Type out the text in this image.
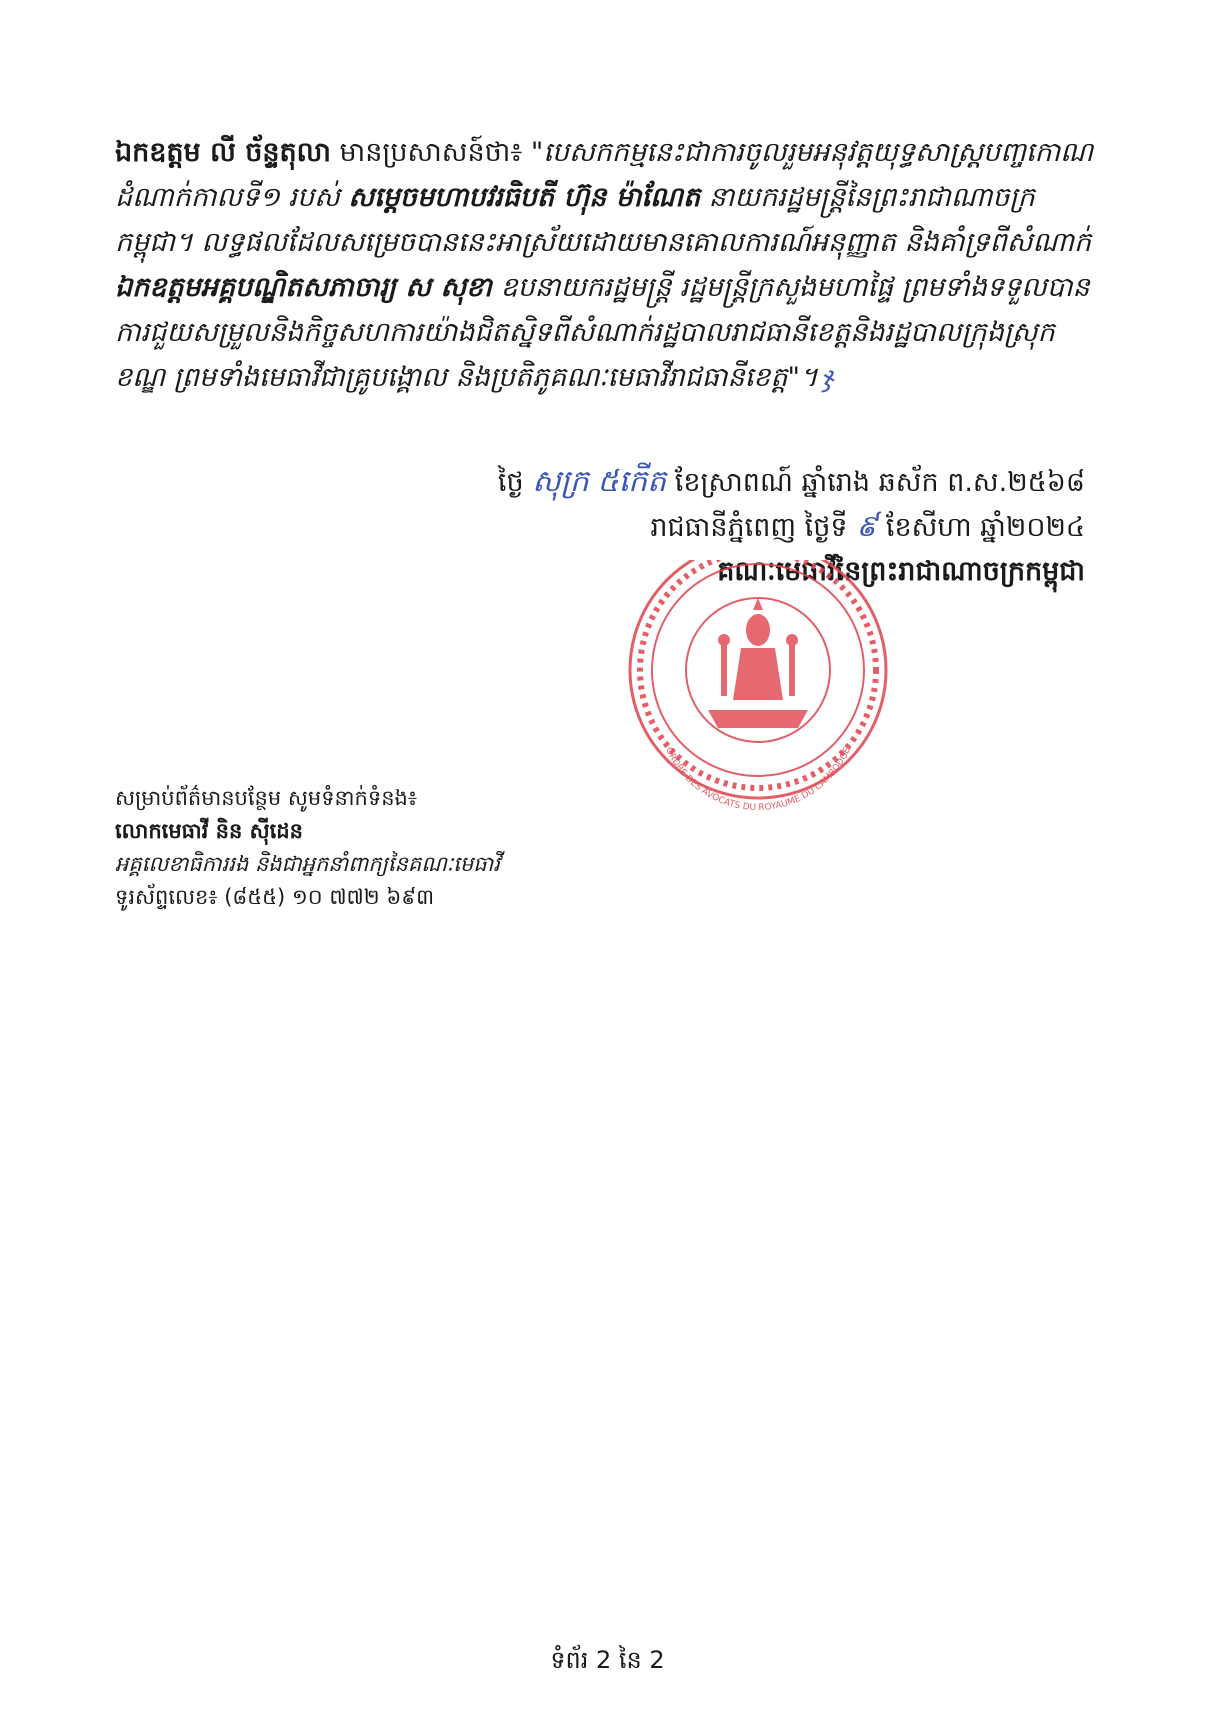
ឯកឧត្តម លី ច័ន្ទតុលា មានប្រសាសន៍ថា៖ "បេសកកម្មនេះជាការចូលរួមអនុវត្តយុទ្ធសាស្ត្របញ្ចកោណ ដំណាក់កាលទី១ របស់ សម្ដេចមហាបវរធិបតី ហ៊ុន ម៉ាណែត នាយករដ្ឋមន្ត្រីនៃព្រះរាជាណាចក្រកម្ពុជា។ លទ្ធផលដែលសម្រេចបាននេះអាស្រ័យដោយមានគោលការណ៍អនុញ្ញាត និងគាំទ្រពីសំណាក់ ឯកឧត្តមអគ្គបណ្ឌិតសភាចារ្យ ស សុខា ឧបនាយករដ្ឋមន្ត្រី រដ្ឋមន្ត្រីក្រសួងមហាផ្ទៃ ព្រមទាំងទទួលបានការជួយសម្រួលនិងកិច្ចសហការយ៉ាងជិតស្និទពីសំណាក់រដ្ឋបាលរាជធានីខេត្តនិងរដ្ឋបាលក្រុងស្រុកខណ្ឌ ព្រមទាំងមេធាវីជាគ្រូបង្គោល និងប្រតិភូគណៈមេធាវីរាជធានីខេត្ត"។ ჯ
ថ្ងៃ សុក្រ ៥កើត ខែស្រាពណ៍ ឆ្នាំរោង ឆស័ក ព.ស.២៥៦៨
រាជធានីភ្នំពេញ ថ្ងៃទី ៩ ខែសីហា ឆ្នាំ២០២៤
គណៈមេធាវីនៃព្រះរាជាណាចក្រកម្ពុជា
ORDRE DES AVOCATS DU ROYAUME DU CAMBODGE
សម្រាប់ព័ត៌មានបន្ថែម សូមទំនាក់ទំនង៖
លោកមេធាវី និន ស៊ីដេន
អគ្គលេខាធិការរង និងជាអ្នកនាំពាក្យនៃគណៈមេធាវី
ទូរស័ព្ទលេខ៖ (៨៥៥) ១០ ៧៧២ ៦៩៣
ទំព័រ 2 នៃ 2
